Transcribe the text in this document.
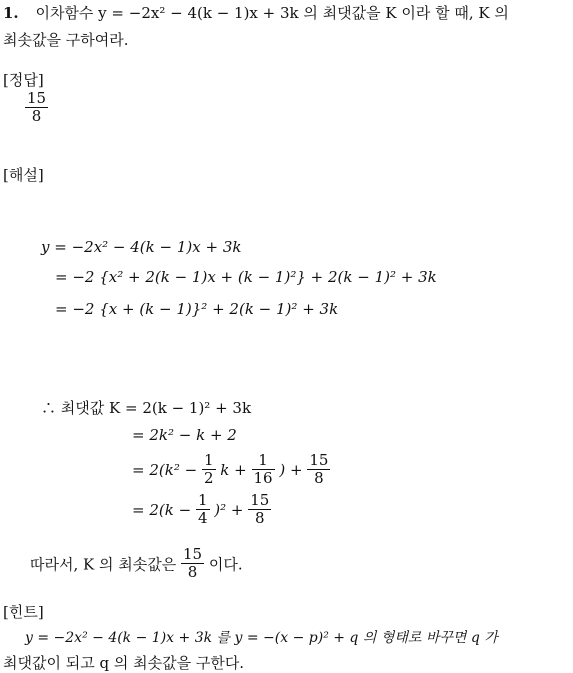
1. 이차함수 y = −2x² − 4(k − 1)x + 3k 의 최댓값을 K 이라 할 때, K 의
최솟값을 구하여라.
[정답]
$\frac{15}{8}$
[해설]
y = −2x² − 4(k − 1)x + 3k
= −2 {x² + 2(k − 1)x + (k − 1)²} + 2(k − 1)² + 3k
= −2 {x + (k − 1)}² + 2(k − 1)² + 3k
∴ 최댓값 K = 2(k − 1)² + 3k
= 2k² − k + 2
= $2(k^2 - \frac{1}{2}$ $k + \frac{1}{16}$ ) + $\frac{15}{8}$
= $2(k - \frac{1}{4} )^2 + \frac{15}{8}$
따라서, K 의 최솟값은 $\frac{15}{8}$ 이다.
[힌트]
y = −2x² − 4(k − 1)x + 3k 를 y = −(x − p)² + q 의 형태로 바꾸면 q 가
최댓값이 되고 q 의 최솟값을 구한다.
